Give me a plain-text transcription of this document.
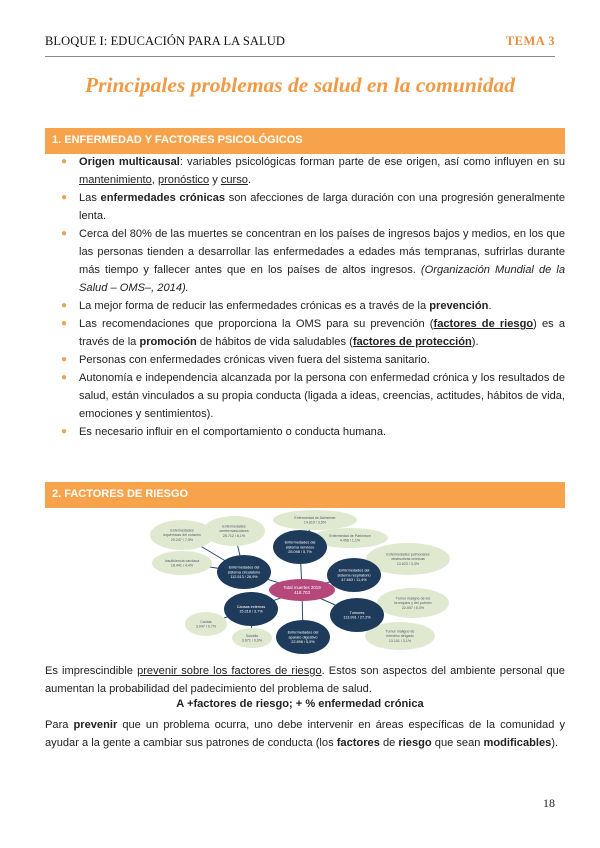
BLOQUE I: EDUCACIÓN PARA LA SALUD	TEMA 3
Principales problemas de salud en la comunidad
1. ENFERMEDAD Y FACTORES PSICOLÓGICOS
● Origen multicausal: variables psicológicas forman parte de ese origen, así como influyen en su mantenimiento, pronóstico y curso.
● Las enfermedades crónicas son afecciones de larga duración con una progresión generalmente lenta.
● Cerca del 80% de las muertes se concentran en los países de ingresos bajos y medios, en los que las personas tienden a desarrollar las enfermedades a edades más tempranas, sufrirlas durante más tiempo y fallecer antes que en los países de altos ingresos. (Organización Mundial de la Salud – OMS–, 2014).
● La mejor forma de reducir las enfermedades crónicas es a través de la prevención.
● Las recomendaciones que proporciona la OMS para su prevención (factores de riesgo) es a través de la promoción de hábitos de vida saludables (factores de protección).
● Personas con enfermedades crónicas viven fuera del sistema sanitario.
● Autonomía e independencia alcanzada por la persona con enfermedad crónica y los resultados de salud, están vinculados a su propia conducta (ligada a ideas, creencias, actitudes, hábitos de vida, emociones y sentimientos).
● Es necesario influir en el comportamiento o conducta humana.
2. FACTORES DE RIESGO
Enfermedad de Alzheimer
14.819 / 3,5%
Enfermedad de Parkinson
4.458 / 1,1%
Enfermedades pulmonares
obstructivas crónicas
13.623 / 3,3%
Tumor maligno de los
bronquios y del pulmón
22.007 / 5,3%
Tumor maligno de
intestino delgado
13.101 / 3,1%
Suicidio
3.671 / 0,9%
Caídas
3.047 / 0,7%
Insuficiencia cardíaca
18.441 / 4,4%
Enfermedades
cerebrovasculares
25.712 / 6,1%
Enfermedades
isquémicas del corazón
29.247 / 7,0%
Enfermedades del
sistema nervioso
25.098 / 5,7%
Enfermedades del
sistema respiratorio
47.663 / 11,4%
Tumores
113.991 / 27,2%
Enfermedades del
aparato digestivo
22.898 / 5,5%
Causas externas
15.318 / 3,7%
Enfermedades del
sistema circulatorio
112.513 / 26,9%
Total muertes 2019
418.703
Es imprescindible prevenir sobre los factores de riesgo. Estos son aspectos del ambiente personal que aumentan la probabilidad del padecimiento del problema de salud.
A +factores de riesgo; + % enfermedad crónica
Para prevenir que un problema ocurra, uno debe intervenir en áreas específicas de la comunidad y ayudar a la gente a cambiar sus patrones de conducta (los factores de riesgo que sean modificables).
18
